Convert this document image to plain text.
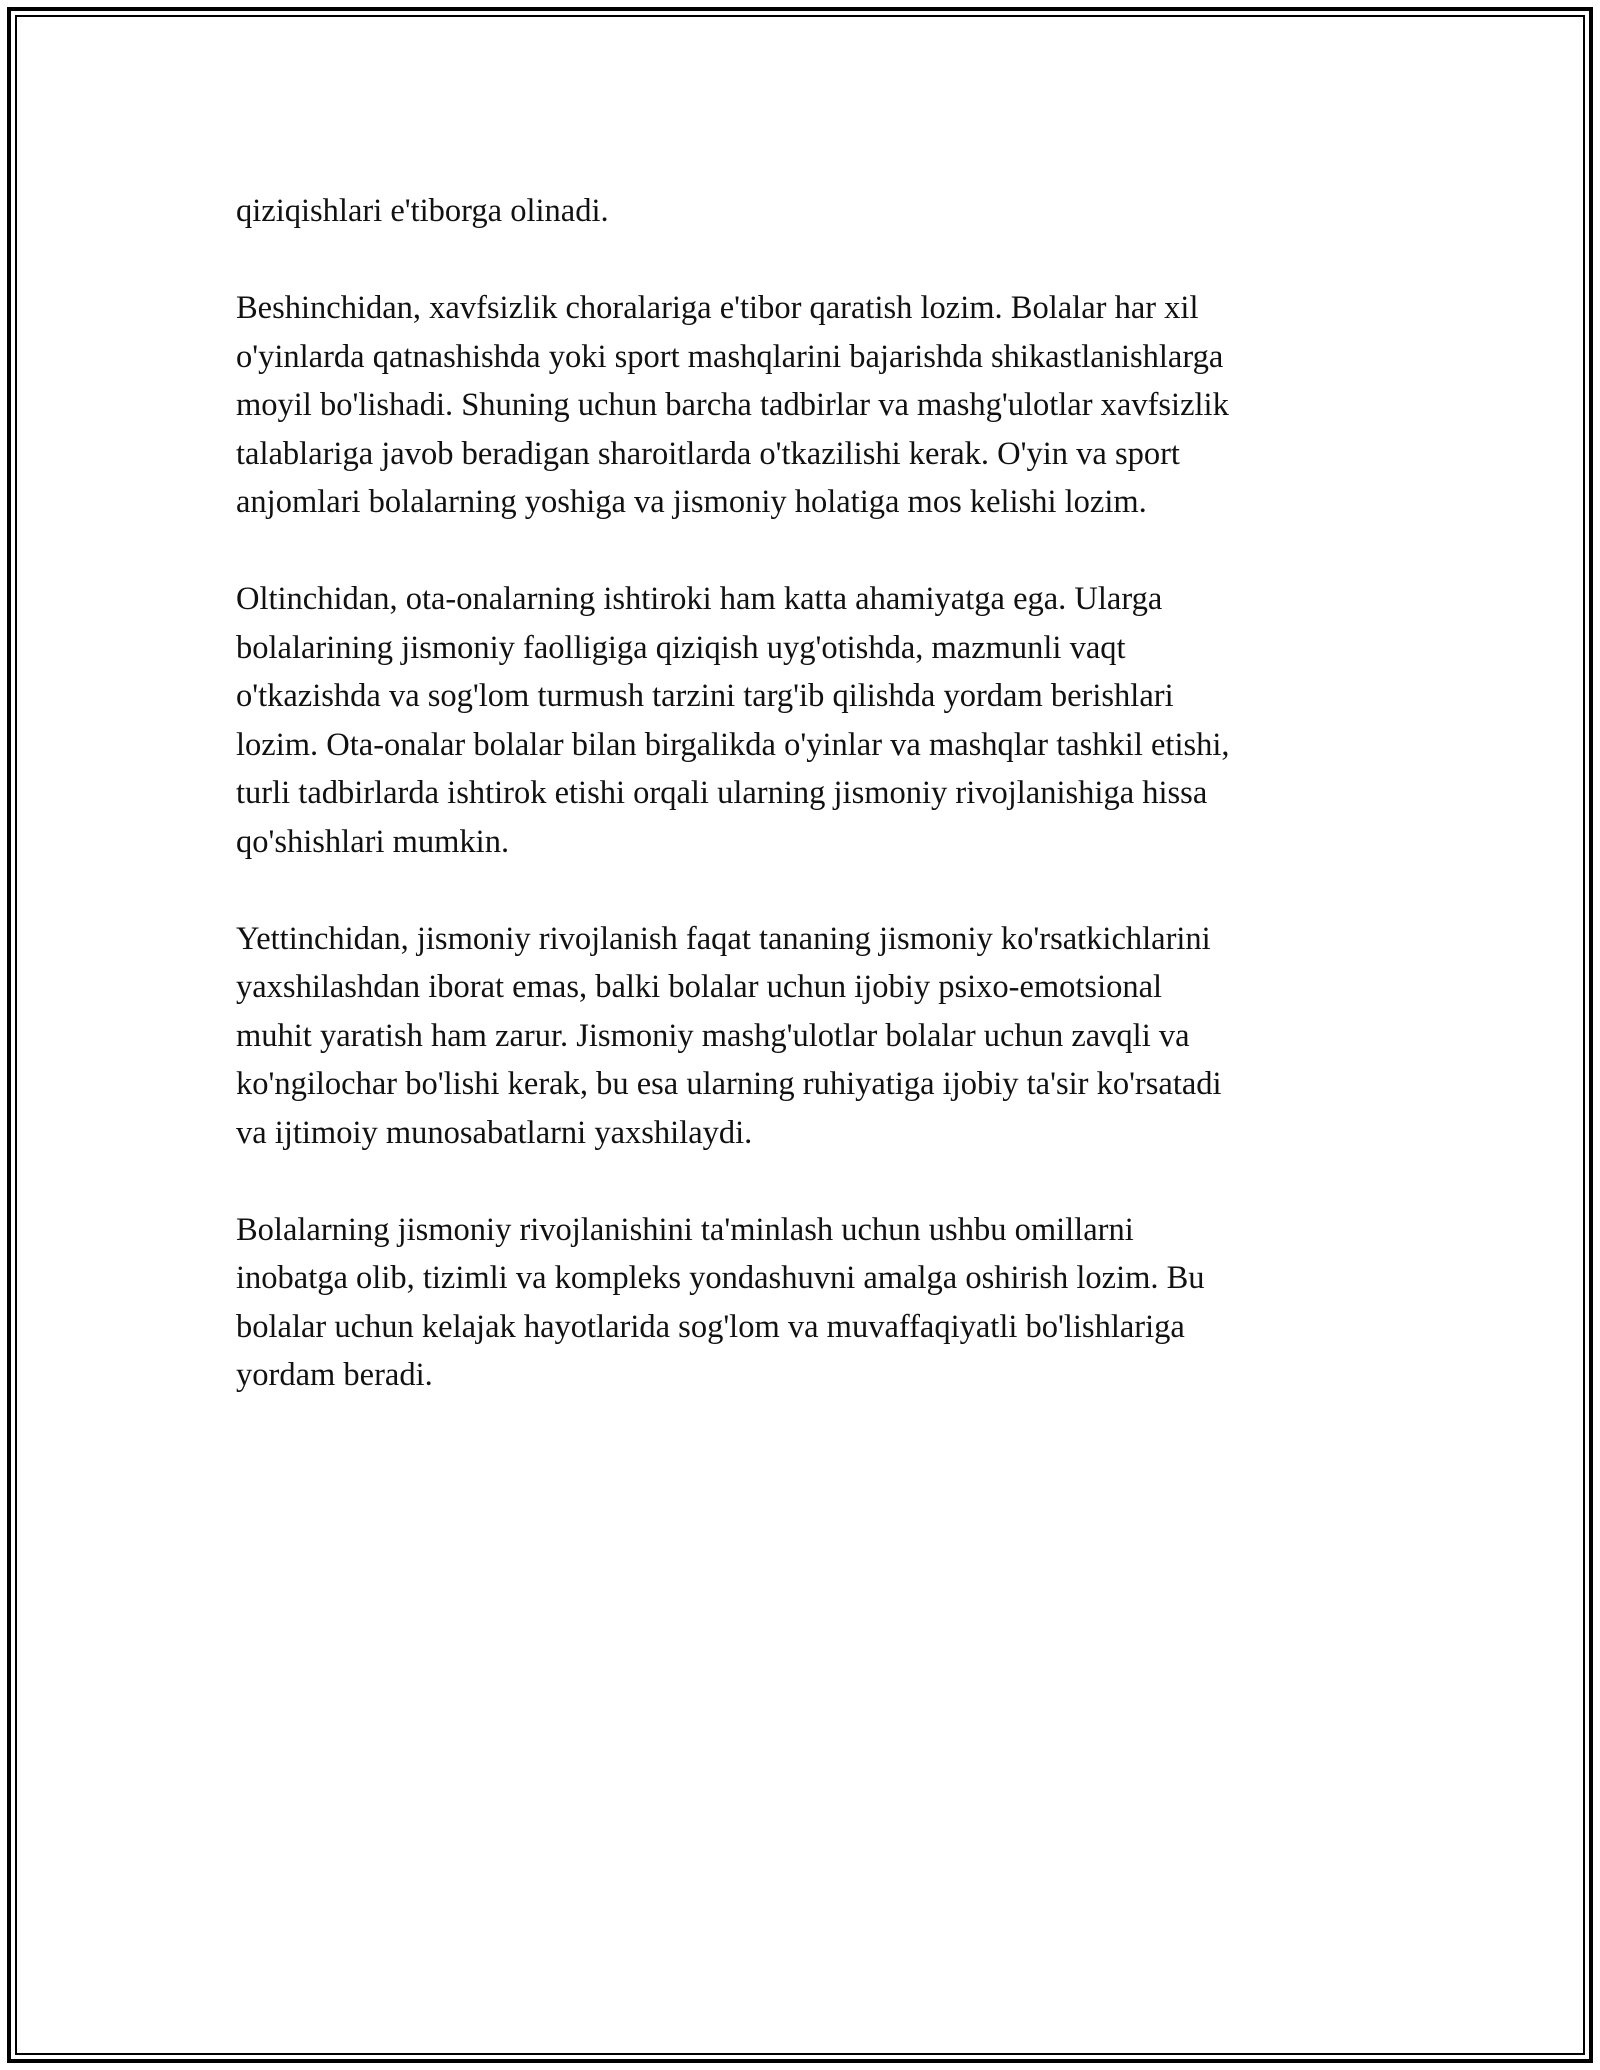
qiziqishlari e'tiborga olinadi.

Beshinchidan, xavfsizlik choralariga e'tibor qaratish lozim. Bolalar har xil
o'yinlarda qatnashishda yoki sport mashqlarini bajarishda shikastlanishlarga
moyil bo'lishadi. Shuning uchun barcha tadbirlar va mashg'ulotlar xavfsizlik
talablariga javob beradigan sharoitlarda o'tkazilishi kerak. O'yin va sport
anjomlari bolalarning yoshiga va jismoniy holatiga mos kelishi lozim.

Oltinchidan, ota-onalarning ishtiroki ham katta ahamiyatga ega. Ularga
bolalarining jismoniy faolligiga qiziqish uyg'otishda, mazmunli vaqt
o'tkazishda va sog'lom turmush tarzini targ'ib qilishda yordam berishlari
lozim. Ota-onalar bolalar bilan birgalikda o'yinlar va mashqlar tashkil etishi,
turli tadbirlarda ishtirok etishi orqali ularning jismoniy rivojlanishiga hissa
qo'shishlari mumkin.

Yettinchidan, jismoniy rivojlanish faqat tananing jismoniy ko'rsatkichlarini
yaxshilashdan iborat emas, balki bolalar uchun ijobiy psixo-emotsional
muhit yaratish ham zarur. Jismoniy mashg'ulotlar bolalar uchun zavqli va
ko'ngilochar bo'lishi kerak, bu esa ularning ruhiyatiga ijobiy ta'sir ko'rsatadi
va ijtimoiy munosabatlarni yaxshilaydi.

Bolalarning jismoniy rivojlanishini ta'minlash uchun ushbu omillarni
inobatga olib, tizimli va kompleks yondashuvni amalga oshirish lozim. Bu
bolalar uchun kelajak hayotlarida sog'lom va muvaffaqiyatli bo'lishlariga
yordam beradi.
